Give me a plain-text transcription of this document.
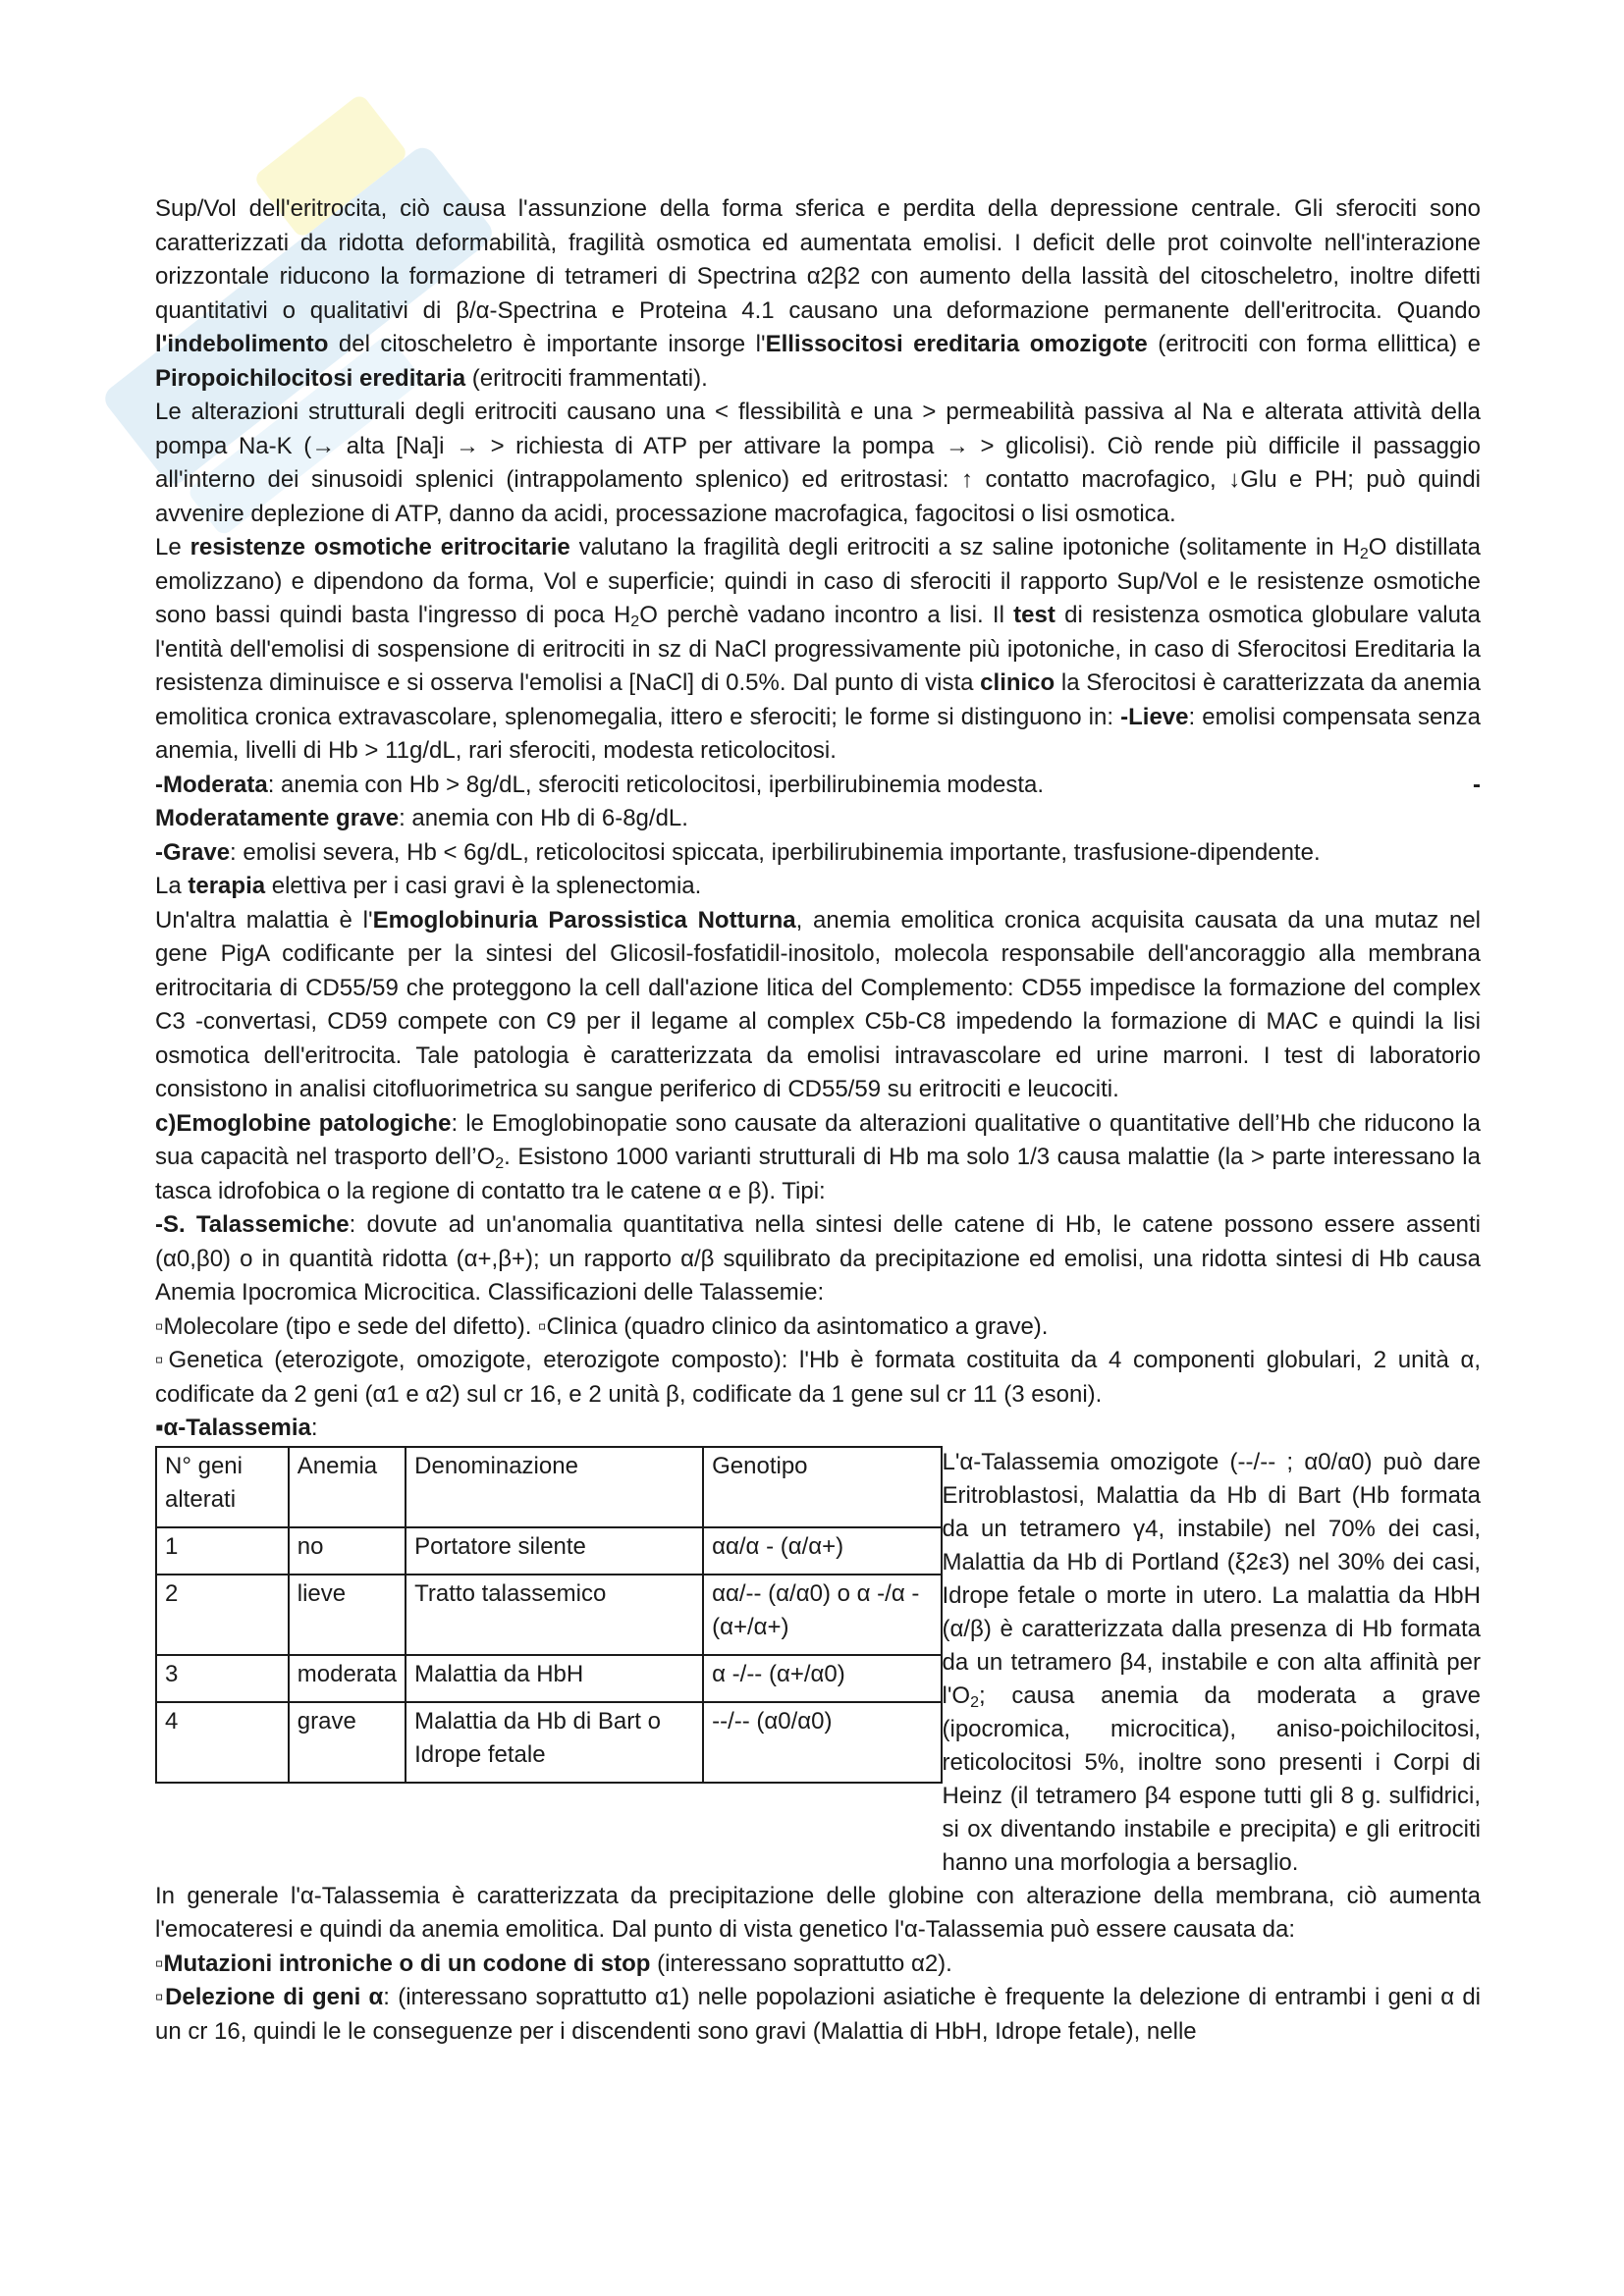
Sup/Vol dell'eritrocita, ciò causa l'assunzione della forma sferica e perdita della depressione centrale. Gli sferociti sono caratterizzati da ridotta deformabilità, fragilità osmotica ed aumentata emolisi. I deficit delle prot coinvolte nell'interazione orizzontale riducono la formazione di tetrameri di Spectrina α2β2 con aumento della lassità del citoscheletro, inoltre difetti quantitativi o qualitativi di β/α-Spectrina e Proteina 4.1 causano una deformazione permanente dell'eritrocita. Quando l'indebolimento del citoscheletro è importante insorge l'Ellissocitosi ereditaria omozigote (eritrociti con forma ellittica) e Piropoichilocitosi ereditaria (eritrociti frammentati).

Le alterazioni strutturali degli eritrociti causano una < flessibilità e una > permeabilità passiva al Na e alterata attività della pompa Na-K (→ alta [Na]i → > richiesta di ATP per attivare la pompa → > glicolisi). Ciò rende più difficile il passaggio all'interno dei sinusoidi splenici (intrappolamento splenico) ed eritrostasi: ↑ contatto macrofagico, ↓Glu e PH; può quindi avvenire deplezione di ATP, danno da acidi, processazione macrofagica, fagocitosi o lisi osmotica.

Le resistenze osmotiche eritrocitarie valutano la fragilità degli eritrociti a sz saline ipotoniche (solitamente in $H_2O$ distillata emolizzano) e dipendono da forma, Vol e superficie; quindi in caso di sferociti il rapporto Sup/Vol e le resistenze osmotiche sono bassi quindi basta l'ingresso di poca $H_2O$ perchè vadano incontro a lisi. Il test di resistenza osmotica globulare valuta l'entità dell'emolisi di sospensione di eritrociti in sz di NaCl progressivamente più ipotoniche, in caso di Sferocitosi Ereditaria la resistenza diminuisce e si osserva l'emolisi a [NaCl] di 0.5%. Dal punto di vista clinico la Sferocitosi è caratterizzata da anemia emolitica cronica extravascolare, splenomegalia, ittero e sferociti; le forme si distinguono in: -Lieve: emolisi compensata senza anemia, livelli di Hb > 11g/dL, rari sferociti, modesta reticolocitosi.

-Moderata: anemia con Hb > 8g/dL, sferociti reticolocitosi, iperbilirubinemia modesta.	-

Moderatamente grave: anemia con Hb di 6-8g/dL.

-Grave: emolisi severa, Hb < 6g/dL, reticolocitosi spiccata, iperbilirubinemia importante, trasfusione-dipendente.

La terapia elettiva per i casi gravi è la splenectomia.

Un'altra malattia è l'Emoglobinuria Parossistica Notturna, anemia emolitica cronica acquisita causata da una mutaz nel gene PigA codificante per la sintesi del Glicosil-fosfatidil-inositolo, molecola responsabile dell'ancoraggio alla membrana eritrocitaria di CD55/59 che proteggono la cell dall'azione litica del Complemento: CD55 impedisce la formazione del complex C3 -convertasi, CD59 compete con C9 per il legame al complex C5b-C8 impedendo la formazione di MAC e quindi la lisi osmotica dell'eritrocita. Tale patologia è caratterizzata da emolisi intravascolare ed urine marroni. I test di laboratorio consistono in analisi citofluorimetrica su sangue periferico di CD55/59 su eritrociti e leucociti.

c)Emoglobine patologiche: le Emoglobinopatie sono causate da alterazioni qualitative o quantitative dell’Hb che riducono la sua capacità nel trasporto $dell’O_2$. Esistono 1000 varianti strutturali di Hb ma solo 1/3 causa malattie (la > parte interessano la tasca idrofobica o la regione di contatto tra le catene α e β). Tipi:

-S. Talassemiche: dovute ad un'anomalia quantitativa nella sintesi delle catene di Hb, le catene possono essere assenti (α0,β0) o in quantità ridotta (α+,β+); un rapporto α/β squilibrato da precipitazione ed emolisi, una ridotta sintesi di Hb causa Anemia Ipocromica Microcitica. Classificazioni delle Talassemie:

▫Molecolare (tipo e sede del difetto). ▫Clinica (quadro clinico da asintomatico a grave).

▫Genetica (eterozigote, omozigote, eterozigote composto): l'Hb è formata costituita da 4 componenti globulari, 2 unità α, codificate da 2 geni (α1 e α2) sul cr 16, e 2 unità β, codificate da 1 gene sul cr 11 (3 esoni).

▪α-Talassemia:

N° geni alterati	Anemia	Denominazione	Genotipo
1	no	Portatore silente	αα/α - (α/α+)
2	lieve	Tratto talassemico	αα/-- (α/α0) o α -/α - (α+/α+)
3	moderata	Malattia da HbH	α -/-- (α+/α0)
4	grave	Malattia da Hb di Bart o Idrope fetale	--/-- (α0/α0)

L'α-Talassemia omozigote (--/-- ; α0/α0) può dare Eritroblastosi, Malattia da Hb di Bart (Hb formata da un tetramero γ4, instabile) nel 70% dei casi, Malattia da Hb di Portland (ξ2ε3) nel 30% dei casi, Idrope fetale o morte in utero. La malattia da HbH (α/β) è caratterizzata dalla presenza di Hb formata da un tetramero β4, instabile e con alta affinità per $l'O_2$; causa anemia da moderata a grave (ipocromica, microcitica), aniso-poichilocitosi, reticolocitosi 5%, inoltre sono presenti i Corpi di Heinz (il tetramero β4 espone tutti gli 8 g. sulfidrici, si ox diventando instabile e precipita) e gli eritrociti hanno una morfologia a bersaglio.

In generale l'α-Talassemia è caratterizzata da precipitazione delle globine con alterazione della membrana, ciò aumenta l'emocateresi e quindi da anemia emolitica. Dal punto di vista genetico l'α-Talassemia può essere causata da:

▫Mutazioni introniche o di un codone di stop (interessano soprattutto α2).

▫Delezione di geni α: (interessano soprattutto α1) nelle popolazioni asiatiche è frequente la delezione di entrambi i geni α di un cr 16, quindi le le conseguenze per i discendenti sono gravi (Malattia di HbH, Idrope fetale), nelle
